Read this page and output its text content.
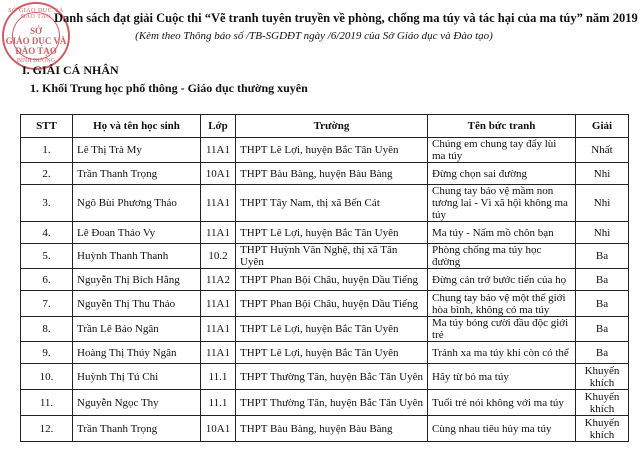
SỞ GIÁO DỤC VÀ ĐÀO TẠO
SỞ
GIÁO DỤC VÀ
ĐÀO TẠO
BÌNH DƯƠNG
Danh sách đạt giải Cuộc thi “Vẽ tranh tuyên truyền về phòng, chống ma túy và tác hại của ma túy” năm 2019
(Kèm theo Thông báo số /TB-SGDĐT ngày /6/2019 của Sở Giáo dục và Đào tạo)
I. GIẢI CÁ NHÂN
1. Khối Trung học phổ thông - Giáo dục thường xuyên
STT	Họ và tên học sinh	Lớp	Trường	Tên bức tranh	Giải
1.	Lê Thị Trà My	11A1	THPT Lê Lợi, huyện Bắc Tân Uyên	Chúng em chung tay đẩy lùi ma túy	Nhất
2.	Trần Thanh Trọng	10A1	THPT Bàu Bàng, huyện Bàu Bàng	Đừng chọn sai đường	Nhì
3.	Ngô Bùi Phương Thảo	11A1	THPT Tây Nam, thị xã Bến Cát	Chung tay bảo vệ mầm non tương lai - Vì xã hội không ma túy	Nhì
4.	Lê Đoan Thảo Vy	11A1	THPT Lê Lợi, huyện Bắc Tân Uyên	Ma túy - Nấm mồ chôn bạn	Nhì
5.	Huỳnh Thanh Thanh	10.2	THPT Huỳnh Văn Nghệ, thị xã Tân Uyên	Phòng chống ma túy học đường	Ba
6.	Nguyễn Thị Bích Hằng	11A2	THPT Phan Bội Châu, huyện Dầu Tiếng	Đừng cản trở bước tiến của họ	Ba
7.	Nguyễn Thị Thu Thảo	11A1	THPT Phan Bội Châu, huyện Dầu Tiếng	Chung tay bảo vệ một thế giới hòa bình, không có ma túy	Ba
8.	Trần Lê Bảo Ngân	11A1	THPT Lê Lợi, huyện Bắc Tân Uyên	Ma túy bóng cười đầu độc giới trẻ	Ba
9.	Hoàng Thị Thúy Ngân	11A1	THPT Lê Lợi, huyện Bắc Tân Uyên	Tránh xa ma túy khi còn có thể	Ba
10.	Huỳnh Thị Tú Chi	11.1	THPT Thường Tân, huyện Bắc Tân Uyên	Hãy từ bỏ ma túy	Khuyến khích
11.	Nguyễn Ngọc Thy	11.1	THPT Thường Tân, huyện Bắc Tân Uyên	Tuổi trẻ nói không với ma túy	Khuyến khích
12.	Trần Thanh Trọng	10A1	THPT Bàu Bàng, huyện Bàu Bàng	Cùng nhau tiêu hủy ma túy	Khuyến khích
